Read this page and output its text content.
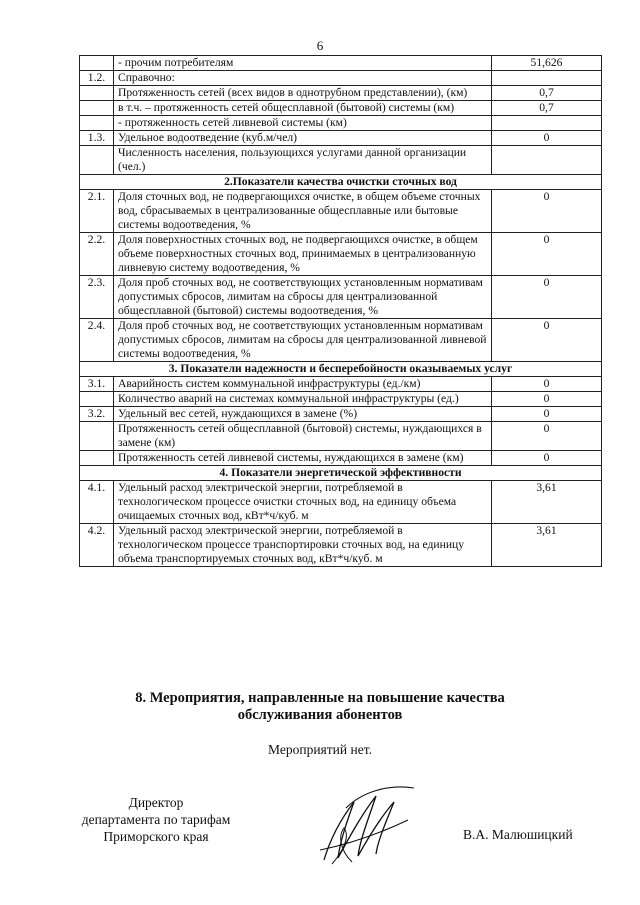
6
	- прочим потребителям	51,626
1.2.	Справочно:	
	Протяженность сетей (всех видов в однотрубном представлении), (км)	0,7
	в т.ч. – протяженность сетей общесплавной (бытовой) системы (км)	0,7
	- протяженность сетей ливневой системы (км)	
1.3.	Удельное водоотведение (куб.м/чел)	0
	Численность населения, пользующихся услугами данной организации (чел.)	
2.Показатели качества очистки сточных вод		
2.1.	Доля сточных вод, не подвергающихся очистке, в общем объеме сточных вод, сбрасываемых в централизованные общесплавные или бытовые системы водоотведения, %	0
2.2.	Доля поверхностных сточных вод, не подвергающихся очистке, в общем объеме поверхностных сточных вод, принимаемых в централизованную ливневую систему водоотведения, %	0
2.3.	Доля проб сточных вод, не соответствующих установленным нормативам допустимых сбросов, лимитам на сбросы для централизованной общесплавной (бытовой) системы водоотведения, %	0
2.4.	Доля проб сточных вод, не соответствующих установленным нормативам допустимых сбросов, лимитам на сбросы для централизованной ливневой системы водоотведения, %	0
3. Показатели надежности и бесперебойности оказываемых услуг		
3.1.	Аварийность систем коммунальной инфраструктуры (ед./км)	0
	Количество аварий на системах коммунальной инфраструктуры (ед.)	0
3.2.	Удельный вес сетей, нуждающихся в замене (%)	0
	Протяженность сетей общесплавной (бытовой) системы, нуждающихся в замене (км)	0
	Протяженность сетей ливневой системы, нуждающихся в замене (км)	0
4. Показатели энергетической эффективности		
4.1.	Удельный расход электрической энергии, потребляемой в технологическом процессе очистки сточных вод, на единицу объема очищаемых сточных вод, кВт*ч/куб. м	3,61
4.2.	Удельный расход электрической энергии, потребляемой в технологическом процессе транспортировки сточных вод, на единицу объема транспортируемых сточных вод, кВт*ч/куб. м	3,61
8. Мероприятия, направленные на повышение качества
обслуживания абонентов
Мероприятий нет.
Директор
департамента по тарифам
Приморского края	В.А. Малюшицкий
